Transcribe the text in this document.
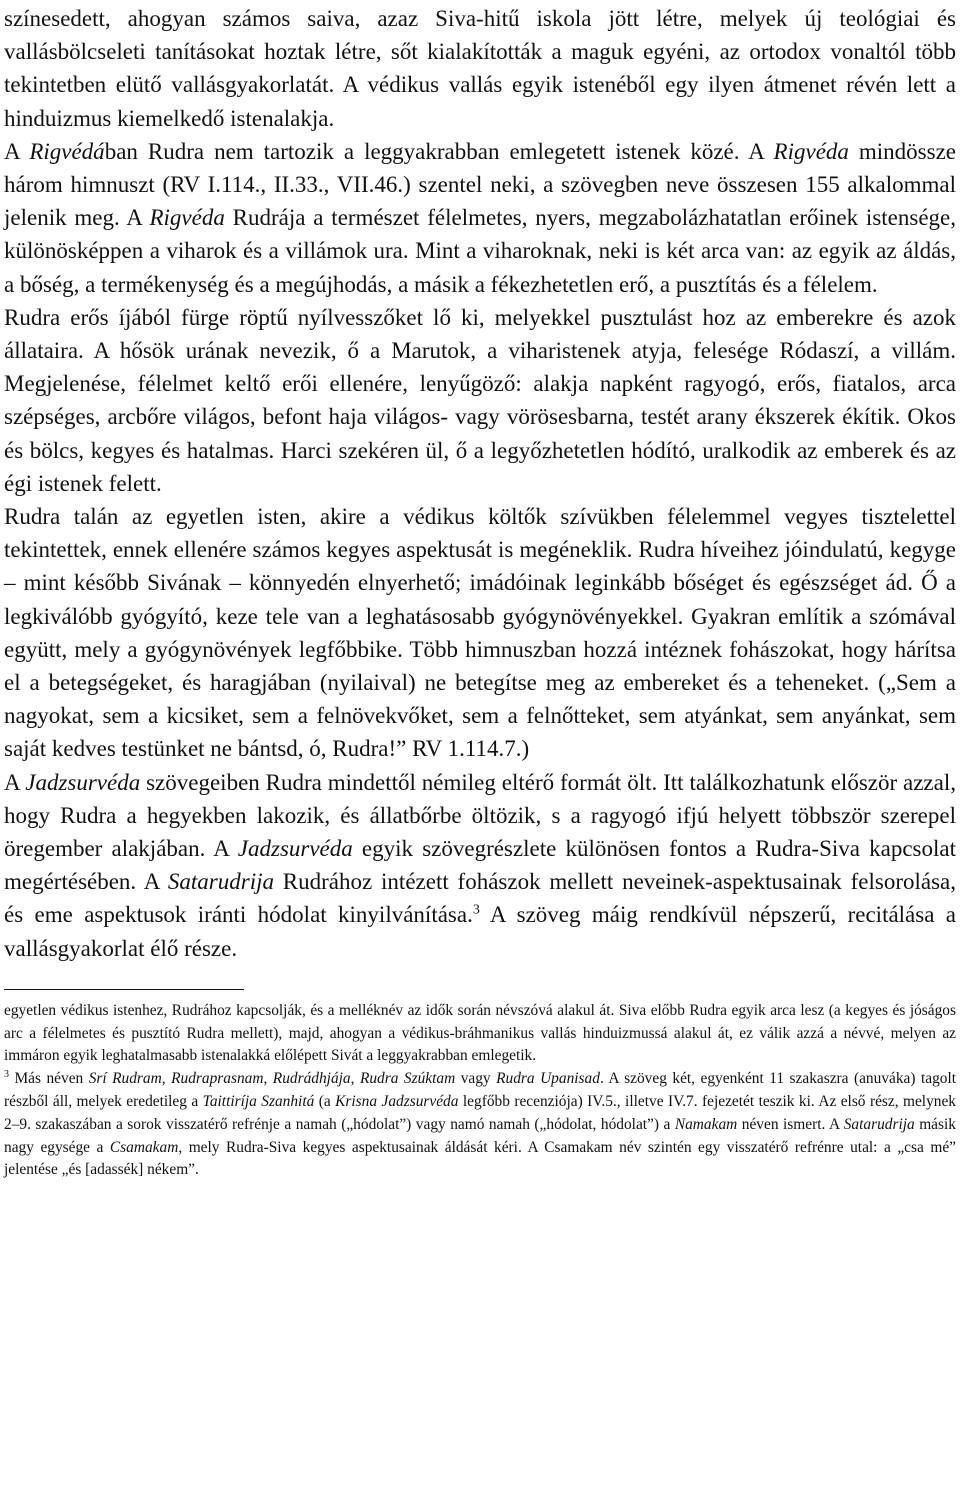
színesedett, ahogyan számos saiva, azaz Siva-hitű iskola jött létre, melyek új teológiai és vallásbölcseleti tanításokat hoztak létre, sőt kialakították a maguk egyéni, az ortodox vonaltól több tekintetben elütő vallásgyakorlatát. A védikus vallás egyik istenéből egy ilyen átmenet révén lett a hinduizmus kiemelkedő istenalakja.

A Rigvédában Rudra nem tartozik a leggyakrabban emlegetett istenek közé. A Rigvéda mindössze három himnuszt (RV I.114., II.33., VII.46.) szentel neki, a szövegben neve összesen 155 alkalommal jelenik meg. A Rigvéda Rudrája a természet félelmetes, nyers, megzabolázhatatlan erőinek istensége, különösképpen a viharok és a villámok ura. Mint a viharoknak, neki is két arca van: az egyik az áldás, a bőség, a termékenység és a megújhodás, a másik a fékezhetetlen erő, a pusztítás és a félelem.

Rudra erős íjából fürge röptű nyílvesszőket lő ki, melyekkel pusztulást hoz az emberekre és azok állataira. A hősök urának nevezik, ő a Marutok, a viharistenek atyja, felesége Ródaszí, a villám. Megjelenése, félelmet keltő erői ellenére, lenyűgöző: alakja napként ragyogó, erős, fiatalos, arca szépséges, arcbőre világos, befont haja világos- vagy vörösesbarna, testét arany ékszerek ékítik. Okos és bölcs, kegyes és hatalmas. Harci szekéren ül, ő a legyőzhetetlen hódító, uralkodik az emberek és az égi istenek felett.

Rudra talán az egyetlen isten, akire a védikus költők szívükben félelemmel vegyes tisztelettel tekintettek, ennek ellenére számos kegyes aspektusát is megéneklik. Rudra híveihez jóindulatú, kegyge – mint később Sivának – könnyedén elnyerhető; imádóinak leginkább bőséget és egészséget ád. Ő a legkiválóbb gyógyító, keze tele van a leghatásosabb gyógynövényekkel. Gyakran említik a szómával együtt, mely a gyógynövények legfőbbike. Több himnuszban hozzá intéznek fohászokat, hogy hárítsa el a betegségeket, és haragjában (nyilaival) ne betegítse meg az embereket és a teheneket. („Sem a nagyokat, sem a kicsiket, sem a felnövekvőket, sem a felnőtteket, sem atyánkat, sem anyánkat, sem saját kedves testünket ne bántsd, ó, Rudra!” RV 1.114.7.)

A Jadzsurvéda szövegeiben Rudra mindettől némileg eltérő formát ölt. Itt találkozhatunk először azzal, hogy Rudra a hegyekben lakozik, és állatbőrbe öltözik, s a ragyogó ifjú helyett többször szerepel öregember alakjában. A Jadzsurvéda egyik szövegrészlete különösen fontos a Rudra-Siva kapcsolat megértésében. A Satarudrija Rudrához intézett fohászok mellett neveinek-aspektusainak felsorolása, és eme aspektusok iránti hódolat kinyilvánítása.$^3$ A szöveg máig rendkívül népszerű, recitálása a vallásgyakorlat élő része.

egyetlen védikus istenhez, Rudrához kapcsolják, és a melléknév az idők során névszóvá alakul át. Siva előbb Rudra egyik arca lesz (a kegyes és jóságos arc a félelmetes és pusztító Rudra mellett), majd, ahogyan a védikus-bráhmanikus vallás hinduizmussá alakul át, ez válik azzá a névvé, melyen az immáron egyik leghatalmasabb istenalakká előlépett Sivát a leggyakrabban emlegetik.

$^3$ Más néven Srí Rudram, Rudraprasnam, Rudrádhjája, Rudra Szúktam vagy Rudra Upanisad. A szöveg két, egyenként 11 szakaszra (anuváka) tagolt részből áll, melyek eredetileg a Taittiríja Szanhitá (a Krisna Jadzsurvéda legfőbb recenziója) IV.5., illetve IV.7. fejezetét teszik ki. Az első rész, melynek 2–9. szakaszában a sorok visszatérő refrénje a namah („hódolat”) vagy namó namah („hódolat, hódolat”) a Namakam néven ismert. A Satarudrija másik nagy egysége a Csamakam, mely Rudra-Siva kegyes aspektusainak áldását kéri. A Csamakam név szintén egy visszatérő refrénre utal: a „csa mé” jelentése „és [adassék] nékem”.
